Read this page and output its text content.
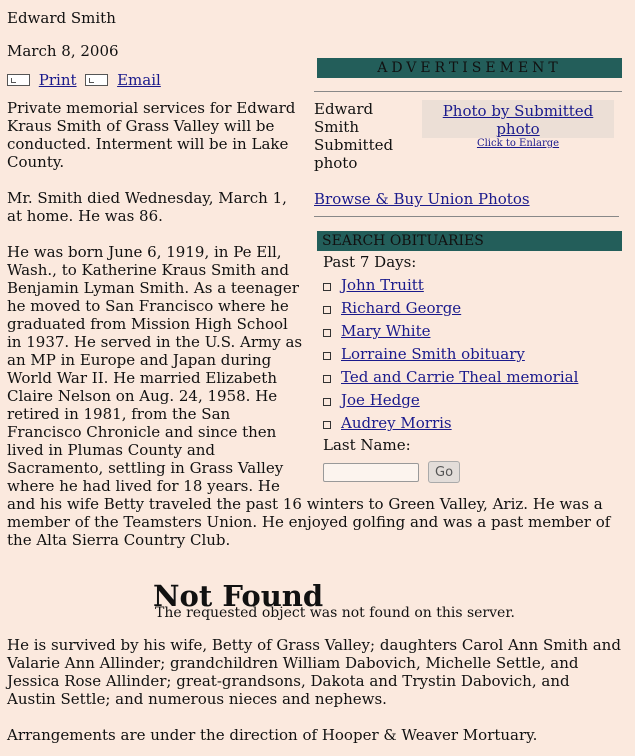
Edward Smith

March 8, 2006

Print	Email
ADVERTISEMENT
Edward Smith Submitted photo
Photo by Submitted photo
Click to Enlarge
Browse & Buy Union Photos
SEARCH OBITUARIES
Past 7 Days:
John Truitt
Richard George
Mary White
Lorraine Smith obituary
Ted and Carrie Theal memorial
Joe Hedge
Audrey Morris
Last Name:
Go

Private memorial services for Edward Kraus Smith of Grass Valley will be conducted. Interment will be in Lake County.

Mr. Smith died Wednesday, March 1, at home. He was 86.

He was born June 6, 1919, in Pe Ell, Wash., to Katherine Kraus Smith and Benjamin Lyman Smith. As a teenager he moved to San Francisco where he graduated from Mission High School in 1937. He served in the U.S. Army as an MP in Europe and Japan during World War II. He married Elizabeth Claire Nelson on Aug. 24, 1958. He retired in 1981, from the San Francisco Chronicle and since then lived in Plumas County and Sacramento, settling in Grass Valley where he had lived for 18 years. He and his wife Betty traveled the past 16 winters to Green Valley, Ariz. He was a member of the Teamsters Union. He enjoyed golfing and was a past member of the Alta Sierra Country Club.

Not Found
The requested object was not found on this server.

He is survived by his wife, Betty of Grass Valley; daughters Carol Ann Smith and Valarie Ann Allinder; grandchildren William Dabovich, Michelle Settle, and Jessica Rose Allinder; great-grandsons, Dakota and Trystin Dabovich, and Austin Settle; and numerous nieces and nephews.

Arrangements are under the direction of Hooper & Weaver Mortuary.
